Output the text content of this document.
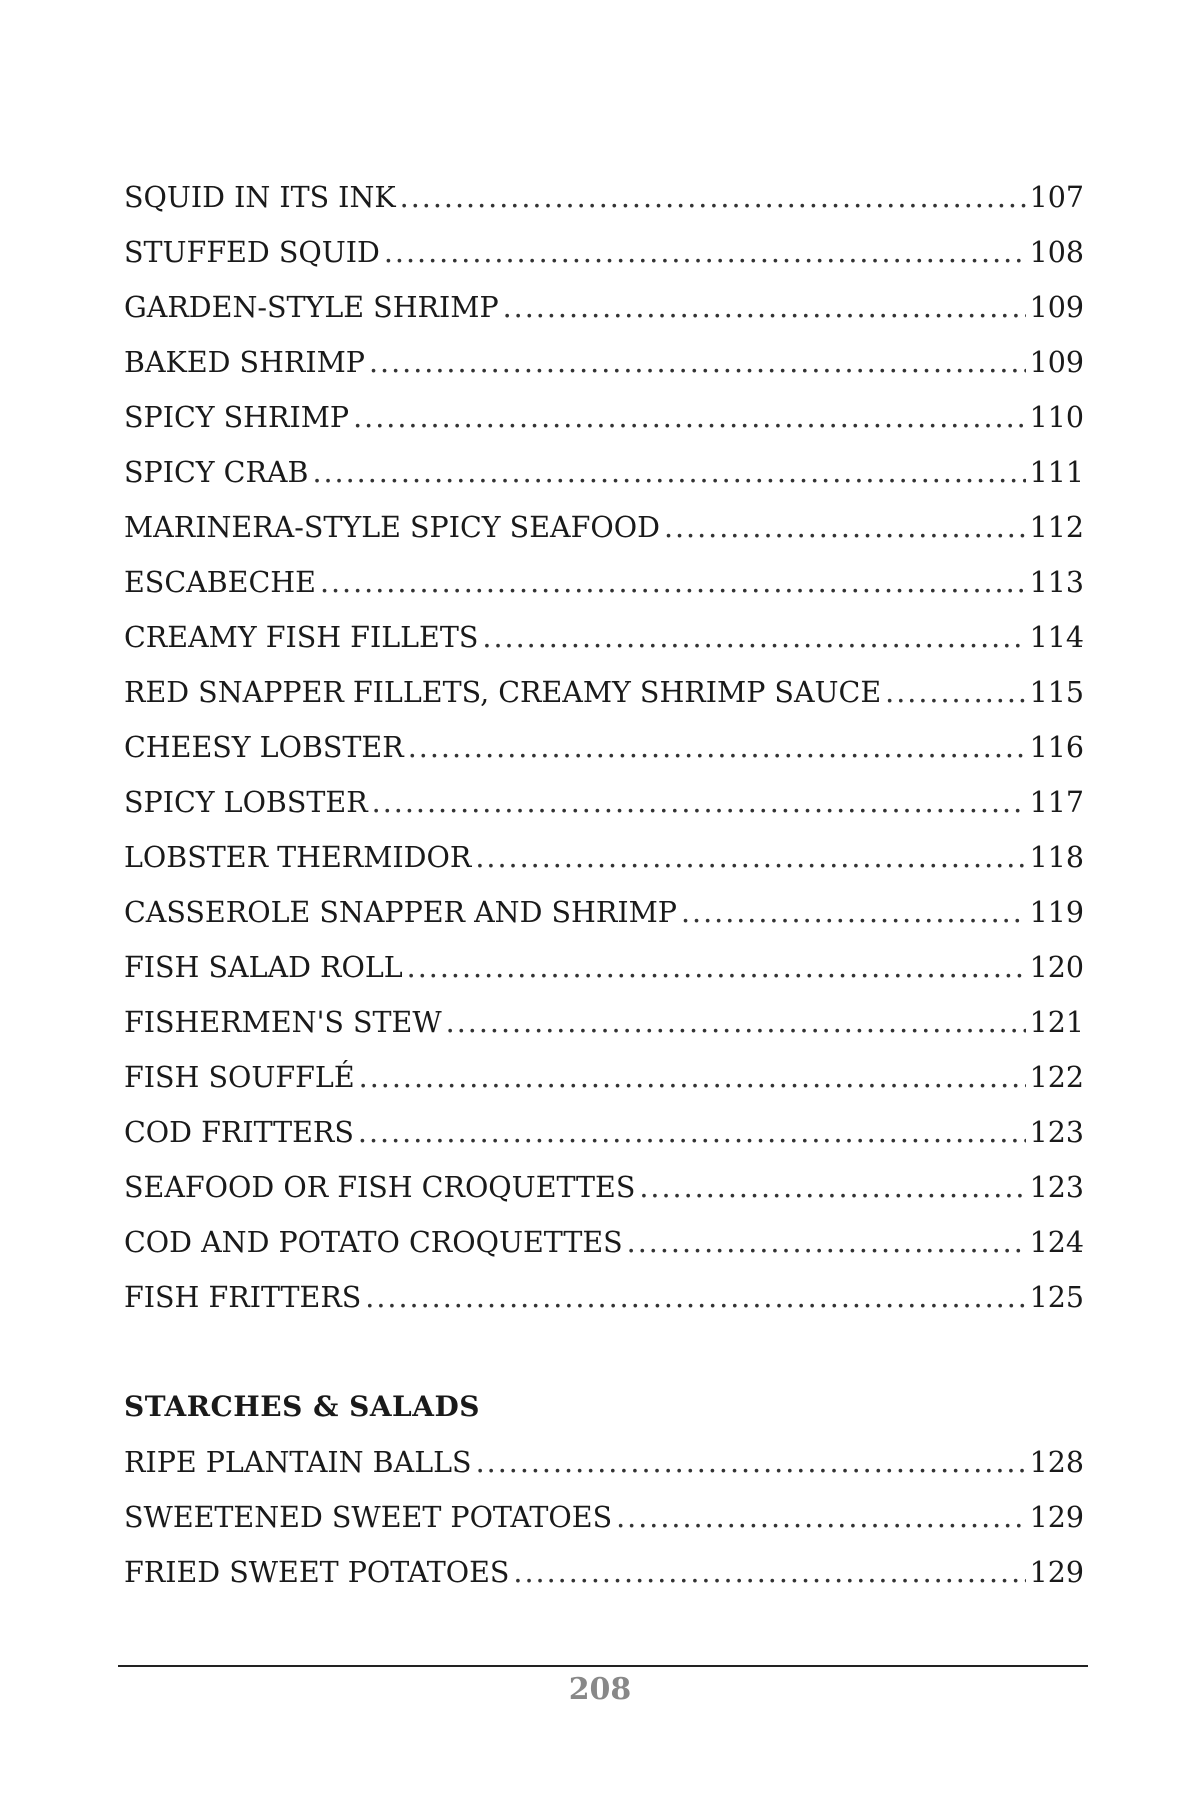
SQUID IN ITS INK .....	107
STUFFED SQUID .....	108
GARDEN-STYLE SHRIMP .....	109
BAKED SHRIMP .....	109
SPICY SHRIMP .....	110
SPICY CRAB .....	111
MARINERA-STYLE SPICY SEAFOOD .....	112
ESCABECHE .....	113
CREAMY FISH FILLETS .....	114
RED SNAPPER FILLETS, CREAMY SHRIMP SAUCE .....	115
CHEESY LOBSTER .....	116
SPICY LOBSTER .....	117
LOBSTER THERMIDOR .....	118
CASSEROLE SNAPPER AND SHRIMP .....	119
FISH SALAD ROLL .....	120
FISHERMEN'S STEW .....	121
FISH SOUFFLÉ .....	122
COD FRITTERS .....	123
SEAFOOD OR FISH CROQUETTES .....	123
COD AND POTATO CROQUETTES .....	124
FISH FRITTERS .....	125
STARCHES & SALADS
RIPE PLANTAIN BALLS .....	128
SWEETENED SWEET POTATOES .....	129
FRIED SWEET POTATOES .....	129
208
